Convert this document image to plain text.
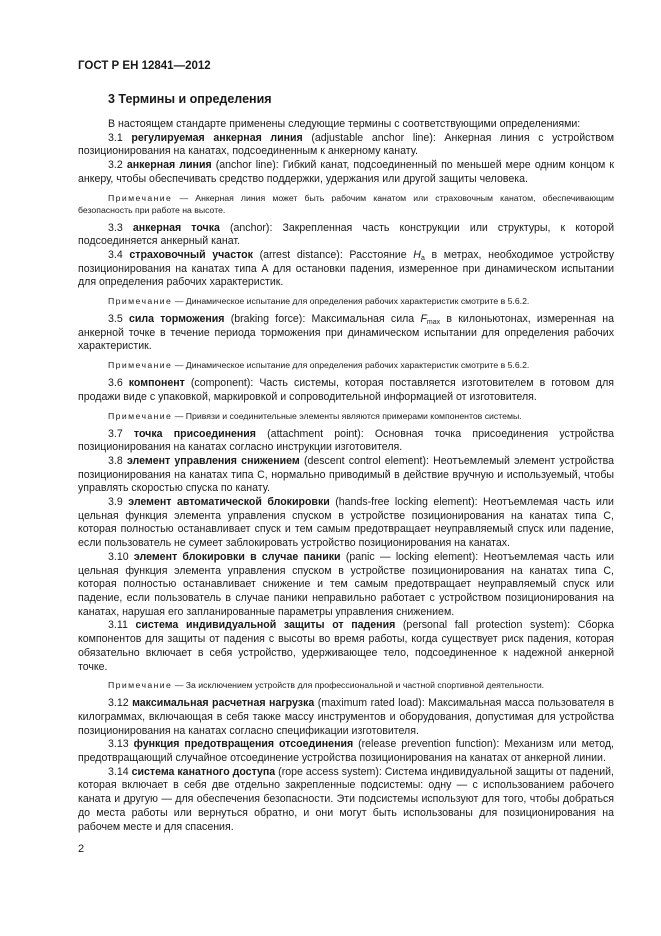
ГОСТ Р ЕН 12841—2012
3 Термины и определения

В настоящем стандарте применены следующие термины с соответствующими определениями:

3.1 регулируемая анкерная линия (adjustable anchor line): Анкерная линия с устройством позиционирования на канатах, подсоединенным к анкерному канату.

3.2 анкерная линия (anchor line): Гибкий канат, подсоединенный по меньшей мере одним концом к анкеру, чтобы обеспечивать средство поддержки, удержания или другой защиты человека.

Примечание — Анкерная линия может быть рабочим канатом или страховочным канатом, обеспечивающим безопасность при работе на высоте.

3.3 анкерная точка (anchor): Закрепленная часть конструкции или структуры, к которой подсоединяется анкерный канат.

3.4 страховочный участок (arrest distance): Расстояние $H_a$ в метрах, необходимое устройству позиционирования на канатах типа А для остановки падения, измеренное при динамическом испытании для определения рабочих характеристик.

Примечание — Динамическое испытание для определения рабочих характеристик смотрите в 5.6.2.

3.5 сила торможения (braking force): Максимальная сила $F_{max}$ в килоньютонах, измеренная на анкерной точке в течение периода торможения при динамическом испытании для определения рабочих характеристик.

Примечание — Динамическое испытание для определения рабочих характеристик смотрите в 5.6.2.

3.6 компонент (component): Часть системы, которая поставляется изготовителем в готовом для продажи виде с упаковкой, маркировкой и сопроводительной информацией от изготовителя.

Примечание — Привязи и соединительные элементы являются примерами компонентов системы.

3.7 точка присоединения (attachment point): Основная точка присоединения устройства позиционирования на канатах согласно инструкции изготовителя.

3.8 элемент управления снижением (descent control element): Неотъемлемый элемент устройства позиционирования на канатах типа С, нормально приводимый в действие вручную и используемый, чтобы управлять скоростью спуска по канату.

3.9 элемент автоматической блокировки (hands-free locking element): Неотъемлемая часть или цельная функция элемента управления спуском в устройстве позиционирования на канатах типа С, которая полностью останавливает спуск и тем самым предотвращает неуправляемый спуск или падение, если пользователь не сумеет заблокировать устройство позиционирования на канатах.

3.10 элемент блокировки в случае паники (panic — locking element): Неотъемлемая часть или цельная функция элемента управления спуском в устройстве позиционирования на канатах типа С, которая полностью останавливает снижение и тем самым предотвращает неуправляемый спуск или падение, если пользователь в случае паники неправильно работает с устройством позиционирования на канатах, нарушая его запланированные параметры управления снижением.

3.11 система индивидуальной защиты от падения (personal fall protection system): Сборка компонентов для защиты от падения с высоты во время работы, когда существует риск падения, которая обязательно включает в себя устройство, удерживающее тело, подсоединенное к надежной анкерной точке.

Примечание — За исключением устройств для профессиональной и частной спортивной деятельности.

3.12 максимальная расчетная нагрузка (maximum rated load): Максимальная масса пользователя в килограммах, включающая в себя также массу инструментов и оборудования, допустимая для устройства позиционирования на канатах согласно спецификации изготовителя.

3.13 функция предотвращения отсоединения (release prevention function): Механизм или метод, предотвращающий случайное отсоединение устройства позиционирования на канатах от анкерной линии.

3.14 система канатного доступа (rope access system): Система индивидуальной защиты от падений, которая включает в себя две отдельно закрепленные подсистемы: одну — с использованием рабочего каната и другую — для обеспечения безопасности. Эти подсистемы используют для того, чтобы добраться до места работы или вернуться обратно, и они могут быть использованы для позиционирования на рабочем месте и для спасения.

2
